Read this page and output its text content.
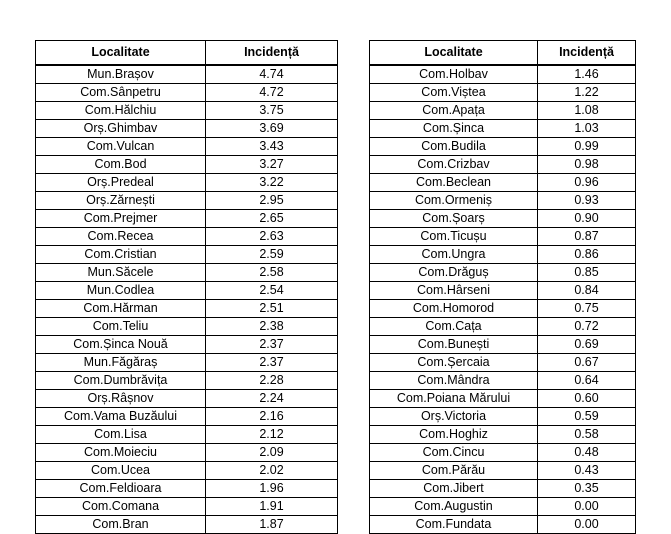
Localitate	Incidență
Mun.Brașov	4.74
Com.Sânpetru	4.72
Com.Hălchiu	3.75
Orș.Ghimbav	3.69
Com.Vulcan	3.43
Com.Bod	3.27
Orș.Predeal	3.22
Orș.Zărnești	2.95
Com.Prejmer	2.65
Com.Recea	2.63
Com.Cristian	2.59
Mun.Săcele	2.58
Mun.Codlea	2.54
Com.Hărman	2.51
Com.Teliu	2.38
Com.Șinca Nouă	2.37
Mun.Făgăraș	2.37
Com.Dumbrăvița	2.28
Orș.Râșnov	2.24
Com.Vama Buzăului	2.16
Com.Lisa	2.12
Com.Moieciu	2.09
Com.Ucea	2.02
Com.Feldioara	1.96
Com.Comana	1.91
Com.Bran	1.87
Localitate	Incidență
Com.Holbav	1.46
Com.Viștea	1.22
Com.Apața	1.08
Com.Șinca	1.03
Com.Budila	0.99
Com.Crizbav	0.98
Com.Beclean	0.96
Com.Ormeniș	0.93
Com.Șoarș	0.90
Com.Ticușu	0.87
Com.Ungra	0.86
Com.Drăguș	0.85
Com.Hârseni	0.84
Com.Homorod	0.75
Com.Cața	0.72
Com.Bunești	0.69
Com.Șercaia	0.67
Com.Mândra	0.64
Com.Poiana Mărului	0.60
Orș.Victoria	0.59
Com.Hoghiz	0.58
Com.Cincu	0.48
Com.Părău	0.43
Com.Jibert	0.35
Com.Augustin	0.00
Com.Fundata	0.00
